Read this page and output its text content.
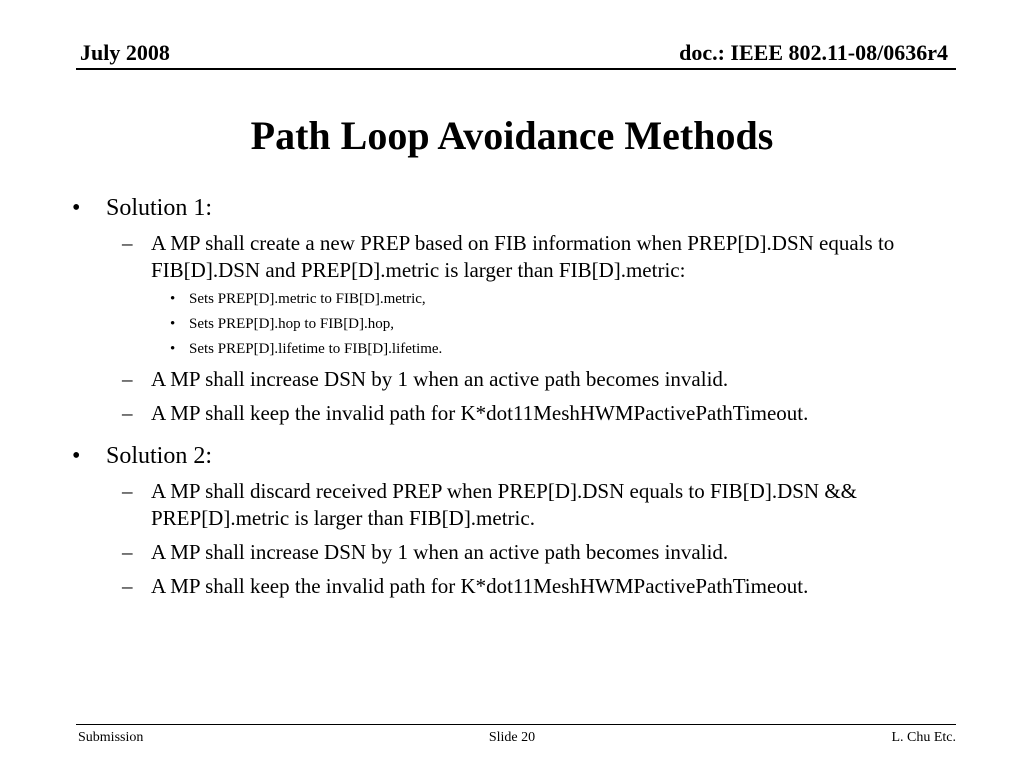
July 2008	doc.: IEEE 802.11-08/0636r4
Path Loop Avoidance Methods
• Solution 1:
– A MP shall create a new PREP based on FIB information when PREP[D].DSN equals to FIB[D].DSN and PREP[D].metric is larger than FIB[D].metric:
• Sets PREP[D].metric to FIB[D].metric,
• Sets PREP[D].hop to FIB[D].hop,
• Sets PREP[D].lifetime to FIB[D].lifetime.
– A MP shall increase DSN by 1 when an active path becomes invalid.
– A MP shall keep the invalid path for K*dot11MeshHWMPactivePathTimeout.
• Solution 2:
– A MP shall discard received PREP when PREP[D].DSN equals to FIB[D].DSN && PREP[D].metric is larger than FIB[D].metric.
– A MP shall increase DSN by 1 when an active path becomes invalid.
– A MP shall keep the invalid path for K*dot11MeshHWMPactivePathTimeout.
Submission	Slide 20	L. Chu Etc.
